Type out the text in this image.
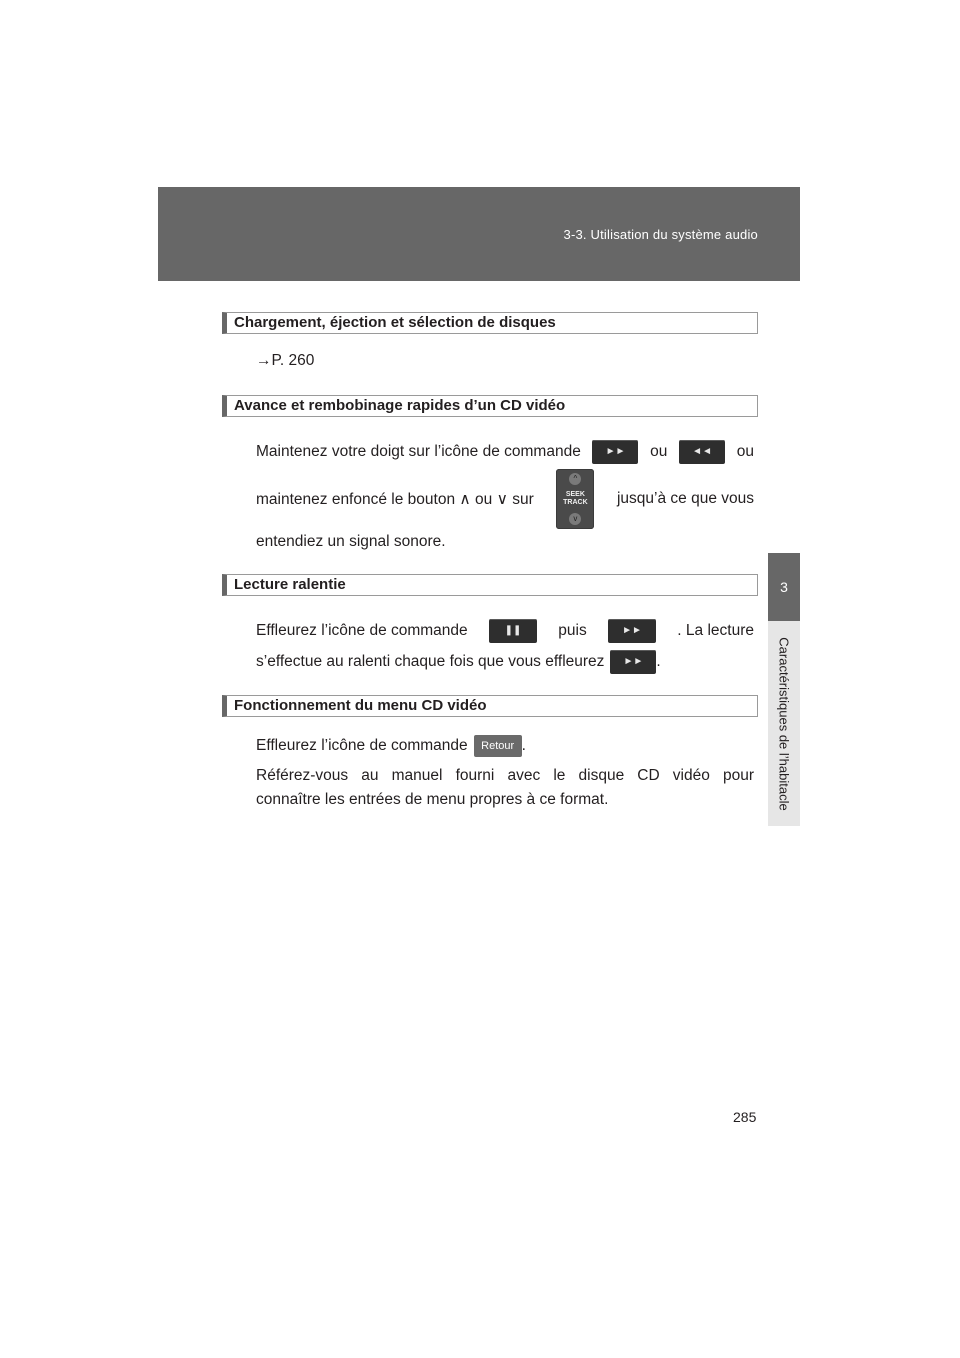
3-3. Utilisation du système audio
3
Caractéristiques de l’habitacle
Chargement, éjection et sélection de disques
→P. 260
Avance et rembobinage rapides d’un CD vidéo
Maintenez votre doigt sur l’icône de commande	►►	ou	◄◄	ou
maintenez enfoncé le bouton ∧ ou ∨ sur
^
SEEK
TRACK
v
jusqu’à ce que vous
entendiez un signal sonore.
Lecture ralentie
Effleurez l’icône de commande	❚❚	puis	►►	. La lecture
s’effectue au ralenti chaque fois que vous effleurez	►► .
Fonctionnement du menu CD vidéo
Effleurez l’icône de commande	Retour .
Référez-vous au manuel fourni avec le disque CD vidéo pour
connaître les entrées de menu propres à ce format.
285
